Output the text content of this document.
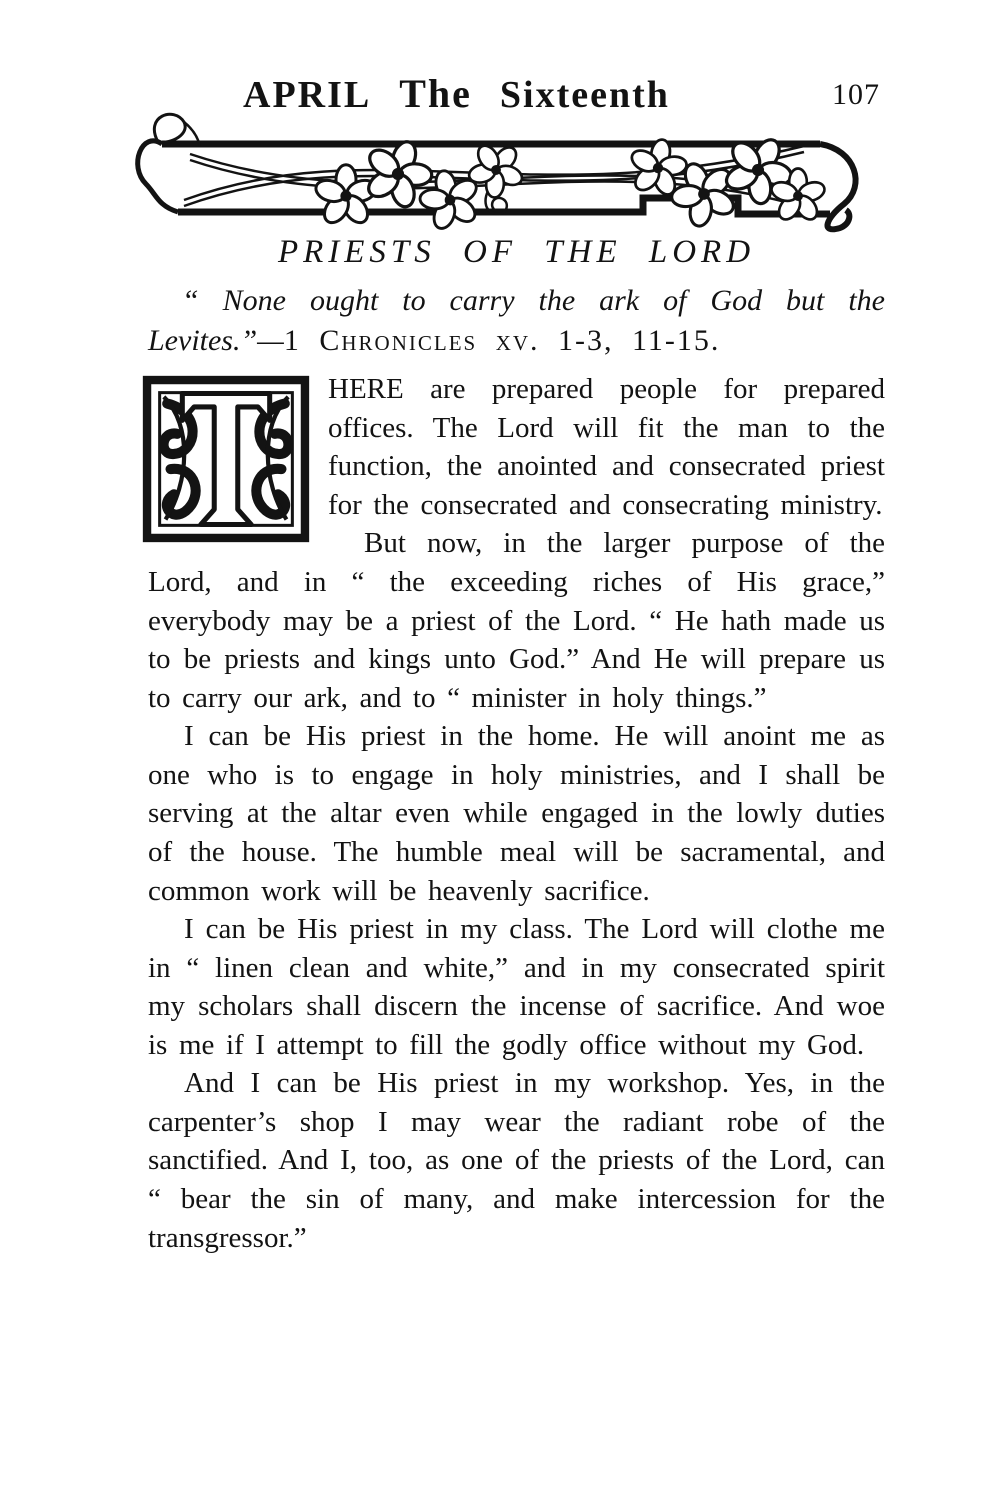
APRIL The Sixteenth	107
PRIESTS OF THE LORD

“ None ought to carry the ark of God but the Levites.”—1 Chronicles xv. 1-3, 11-15.

HERE are prepared people for prepared offices. The Lord will fit the man to the function, the anointed and consecrated priest for the consecrated and consecrating ministry.

But now, in the larger purpose of the Lord, and in “ the exceeding riches of His grace,” everybody may be a priest of the Lord. “ He hath made us to be priests and kings unto God.” And He will prepare us to carry our ark, and to “ minister in holy things.”

I can be His priest in the home. He will anoint me as one who is to engage in holy ministries, and I shall be serving at the altar even while engaged in the lowly duties of the house. The humble meal will be sacramental, and common work will be heavenly sacrifice.

I can be His priest in my class. The Lord will clothe me in “ linen clean and white,” and in my consecrated spirit my scholars shall discern the incense of sacrifice. And woe is me if I attempt to fill the godly office without my God.

And I can be His priest in my workshop. Yes, in the carpenter’s shop I may wear the radiant robe of the sanctified. And I, too, as one of the priests of the Lord, can “ bear the sin of many, and make intercession for the transgressor.”
